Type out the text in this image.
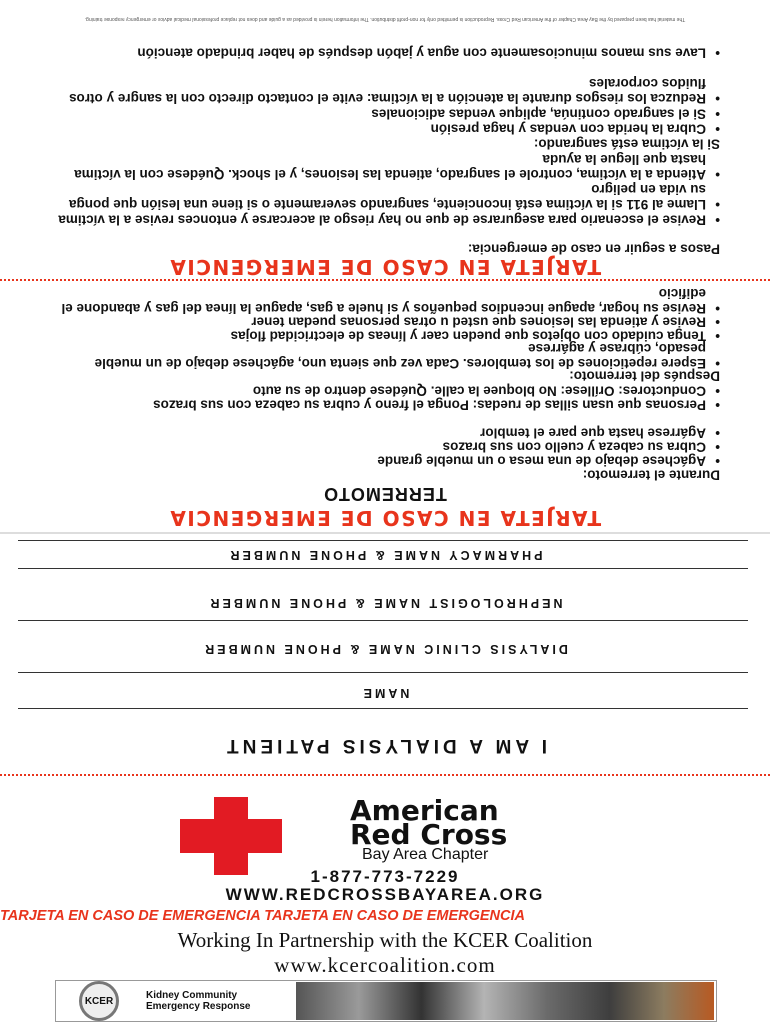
The material has been prepared by the Bay Area Chapter of the American Red Cross. Reproduction is permitted only for non-profit distribution. The information herein is provided as a guide and does not replace professional medical advice or emergency response training.
•
Lave sus manos minuciosamente con agua y jabón después de haber brindado atención
•
Reduzca los riesgos durante la atención a la víctima: evite el contacto directo con la sangre y otros fluidos corporales
•
Si el sangrado continúa, aplique vendas adicionales
•
Cubra la herida con vendas y haga presión
Si la víctima está sangrando:
•
Atienda a la víctima, controle el sangrado, atienda las lesiones, y el shock. Quédese con la víctima hasta que llegue la ayuda
•
Llame al 911 si la víctima está inconciente, sangrando severamente o si tiene una lesión que ponga su vida en peligro
•
Revise el escenario para asegurarse de que no hay riesgo al acercarse y entonces revise a la víctima
Pasos a seguir en caso de emergencia:
TARJETA EN CASO DE EMERGENCIA
•
Revise su hogar, apague incendios pequeños y si huele a gas, apague la línea del gas y abandone el edificio
•
Revise y atienda las lesiones que usted u otras personas puedan tener
•
Tenga cuidado con objetos que pueden caer y líneas de electricidad flojas
•
Espere repeticiones de los temblores. Cada vez que sienta uno, agáchese debajo de un mueble pesado, cúbrase y agárrese
Después del terremoto:
•
Conductores: Oríllese: No bloquee la calle. Quédese dentro de su auto
•
Personas que usan sillas de ruedas: Ponga el freno y cubra su cabeza con sus brazos
•
Agárrese hasta que pare el temblor
•
Cubra su cabeza y cuello con sus brazos
•
Agáchese debajo de una mesa o un mueble grande
Durante el terremoto:
TERREMOTO
TARJETA EN CASO DE EMERGENCIA
PHARMACY NAME & PHONE NUMBER
NEPHROLOGIST NAME & PHONE NUMBER
DIALYSIS CLINIC NAME & PHONE NUMBER
NAME
I AM A DIALYSIS PATIENT
American
Red Cross
Bay Area Chapter
1-877-773-7229
WWW.REDCROSSBAYAREA.ORG
TARJETA EN CASO DE EMERGENCIA TARJETA EN CASO DE EMERGENCIA
Working In Partnership with the KCER Coalition
www.kcercoalition.com
KCER	Kidney Community
Emergency Response
